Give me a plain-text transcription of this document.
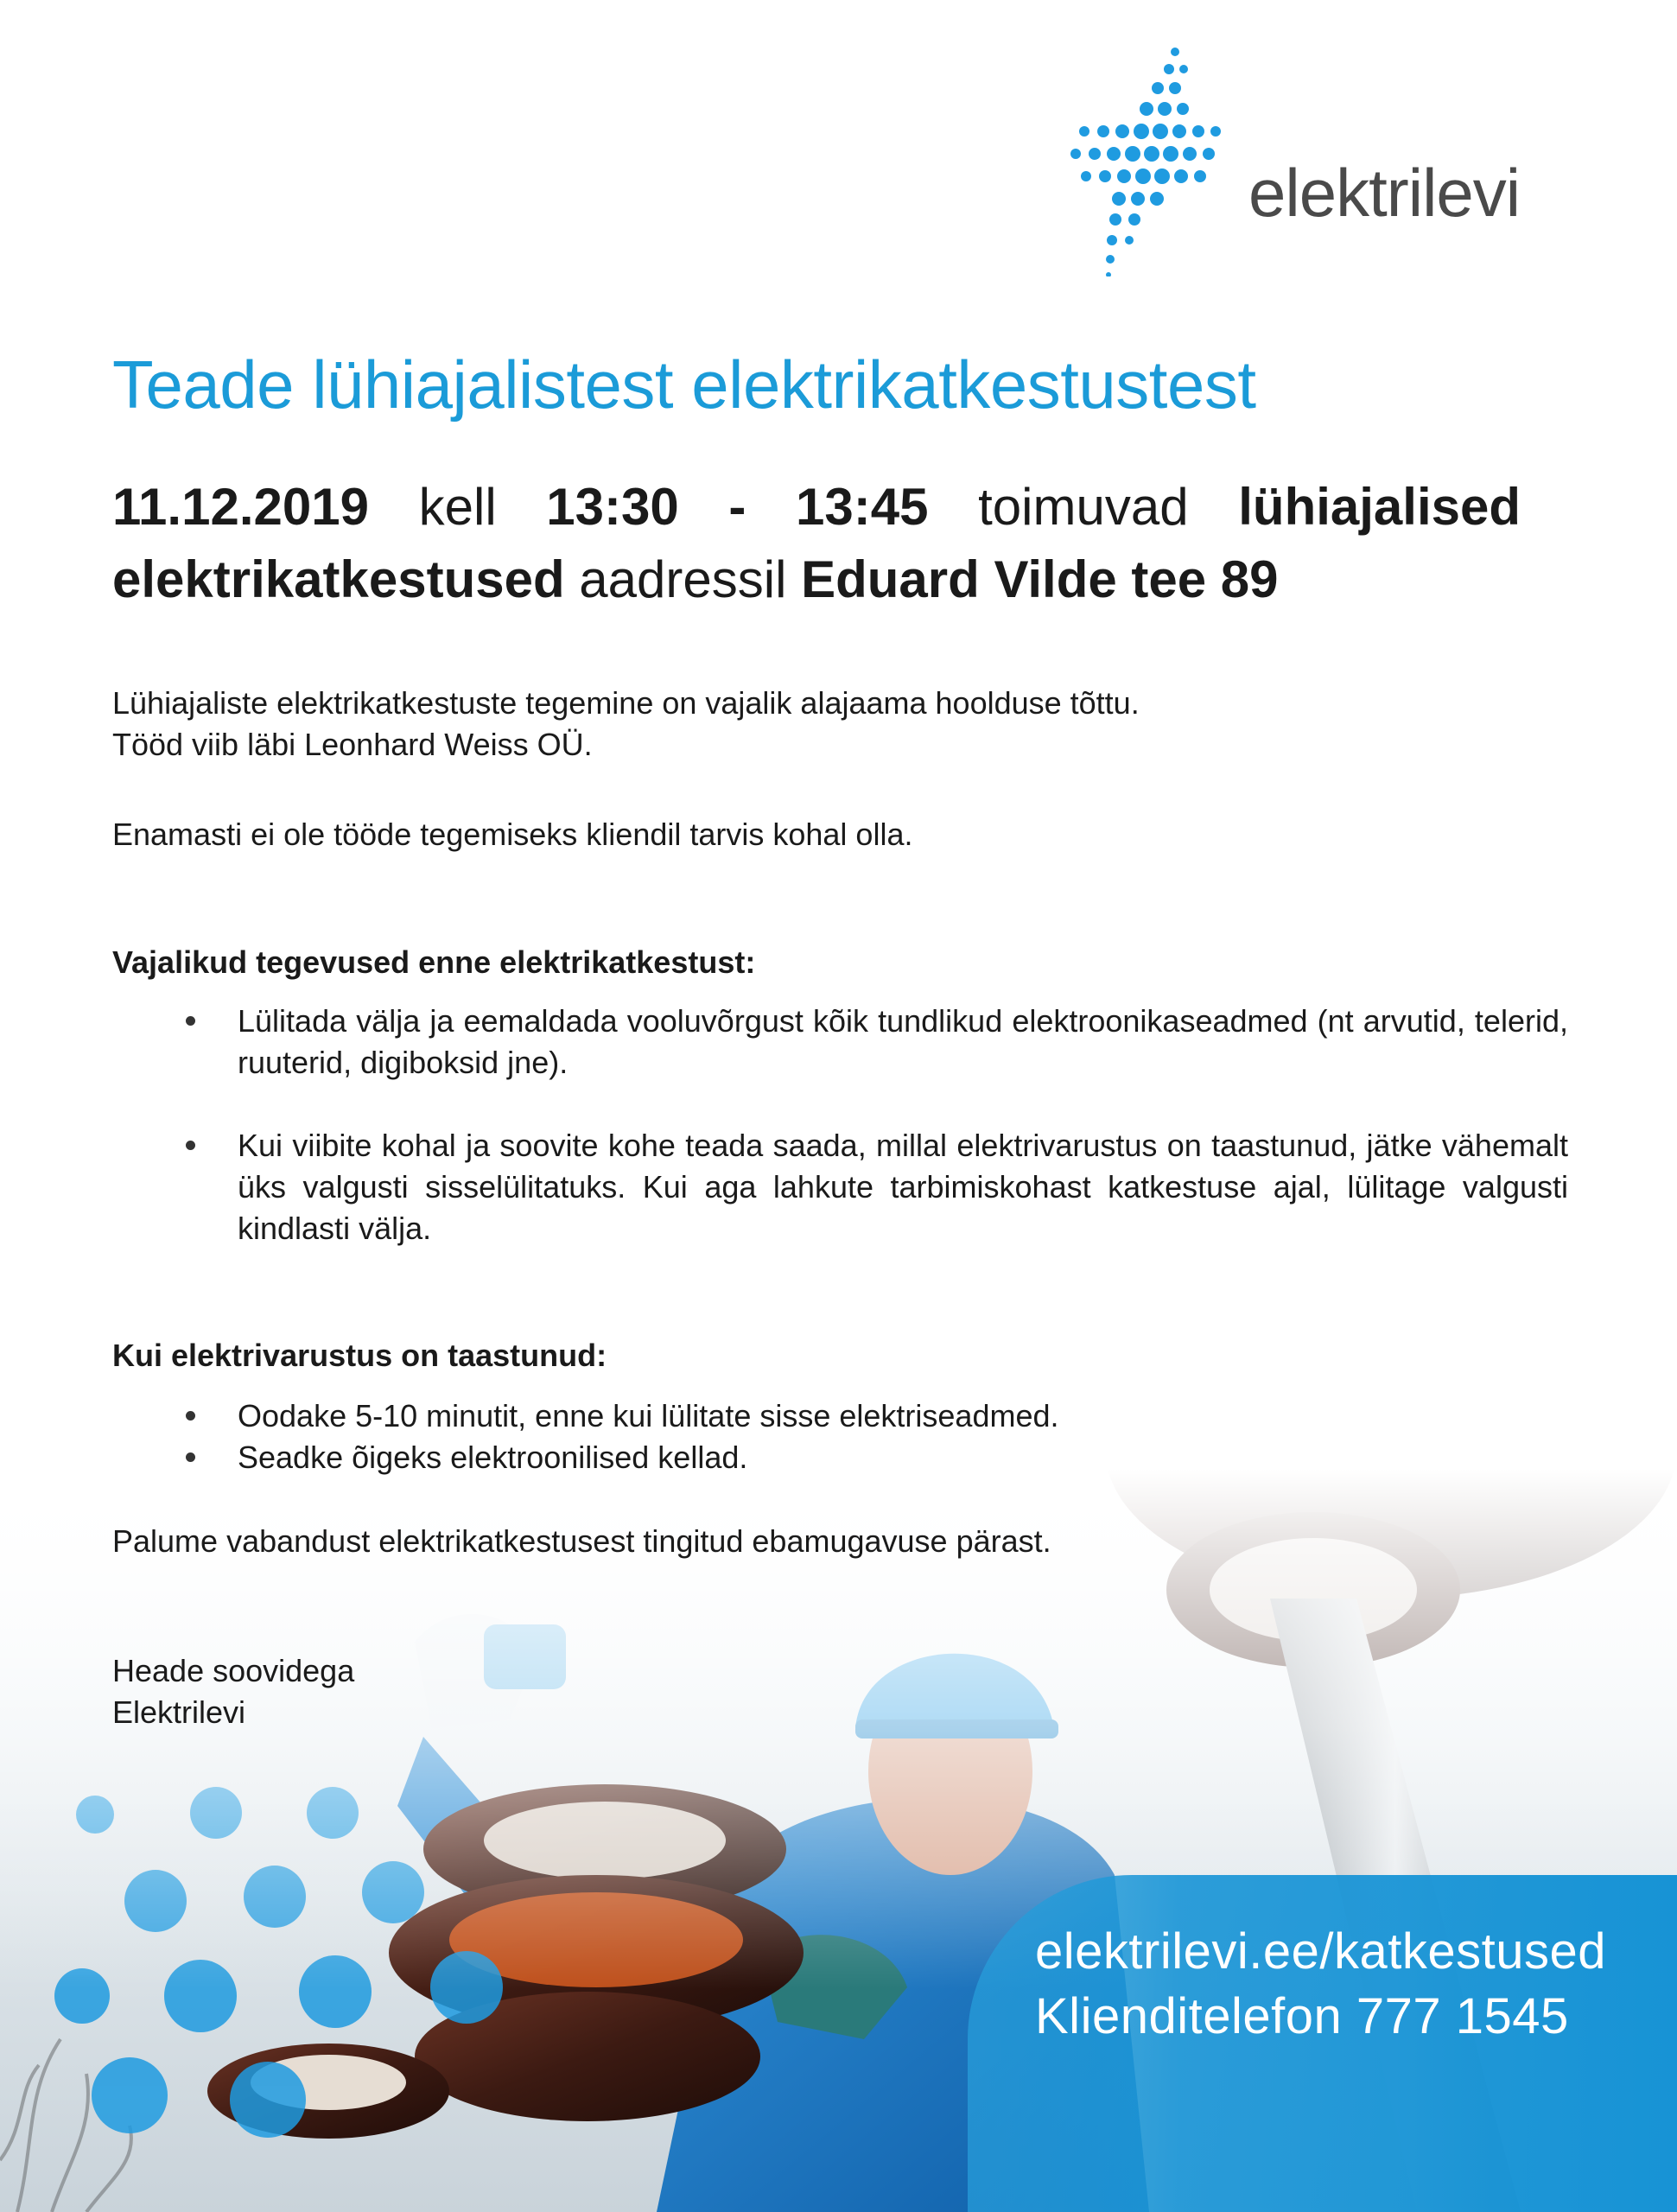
elektrilevi
Teade lühiajalistest elektrikatkestustest
11.12.2019 kell 13:30 - 13:45 toimuvad lühiajalised elektrikatkestused aadressil Eduard Vilde tee 89
Lühiajaliste elektrikatkestuste tegemine on vajalik alajaama hoolduse tõttu.
Tööd viib läbi Leonhard Weiss OÜ.
Enamasti ei ole tööde tegemiseks kliendil tarvis kohal olla.
Vajalikud tegevused enne elektrikatkestust:
Lülitada välja ja eemaldada vooluvõrgust kõik tundlikud elektroonikaseadmed (nt arvutid, telerid, ruuterid, digiboksid jne).
Kui viibite kohal ja soovite kohe teada saada, millal elektrivarustus on taastunud, jätke vähemalt üks valgusti sisselülitatuks. Kui aga lahkute tarbimiskohast katkestuse ajal, lülitage valgusti kindlasti välja.
Kui elektrivarustus on taastunud:
Oodake 5-10 minutit, enne kui lülitate sisse elektriseadmed.
Seadke õigeks elektroonilised kellad.
Palume vabandust elektrikatkestusest tingitud ebamugavuse pärast.
Heade soovidega
Elektrilevi
elektrilevi.ee/katkestused
Klienditelefon 777 1545
